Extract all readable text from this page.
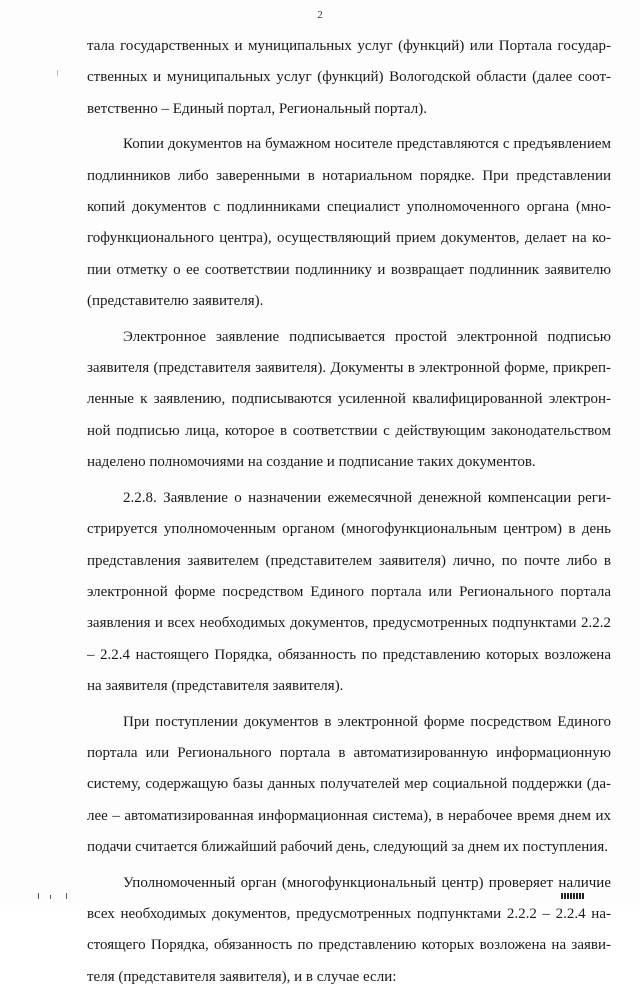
2

тала государственных и муниципальных услуг (функций) или Портала государственных и муниципальных услуг (функций) Вологодской области (далее соответственно – Единый портал, Региональный портал).

Копии документов на бумажном носителе представляются с предъявлением подлинников либо заверенными в нотариальном порядке. При представлении копий документов с подлинниками специалист уполномоченного органа (многофункционального центра), осуществляющий прием документов, делает на копии отметку о ее соответствии подлиннику и возвращает подлинник заявителю (представителю заявителя).

Электронное заявление подписывается простой электронной подписью заявителя (представителя заявителя). Документы в электронной форме, прикрепленные к заявлению, подписываются усиленной квалифицированной электронной подписью лица, которое в соответствии с действующим законодательством наделено полномочиями на создание и подписание таких документов.

2.2.8. Заявление о назначении ежемесячной денежной компенсации регистрируется уполномоченным органом (многофункциональным центром) в день представления заявителем (представителем заявителя) лично, по почте либо в электронной форме посредством Единого портала или Регионального портала заявления и всех необходимых документов, предусмотренных подпунктами 2.2.2 – 2.2.4 настоящего Порядка, обязанность по представлению которых возложена на заявителя (представителя заявителя).

При поступлении документов в электронной форме посредством Единого портала или Регионального портала в автоматизированную информационную систему, содержащую базы данных получателей мер социальной поддержки (далее – автоматизированная информационная система), в нерабочее время днем их подачи считается ближайший рабочий день, следующий за днем их поступления.

Уполномоченный орган (многофункциональный центр) проверяет наличие всех необходимых документов, предусмотренных подпунктами 2.2.2 – 2.2.4 настоящего Порядка, обязанность по представлению которых возложена на заявителя (представителя заявителя), и в случае если:
